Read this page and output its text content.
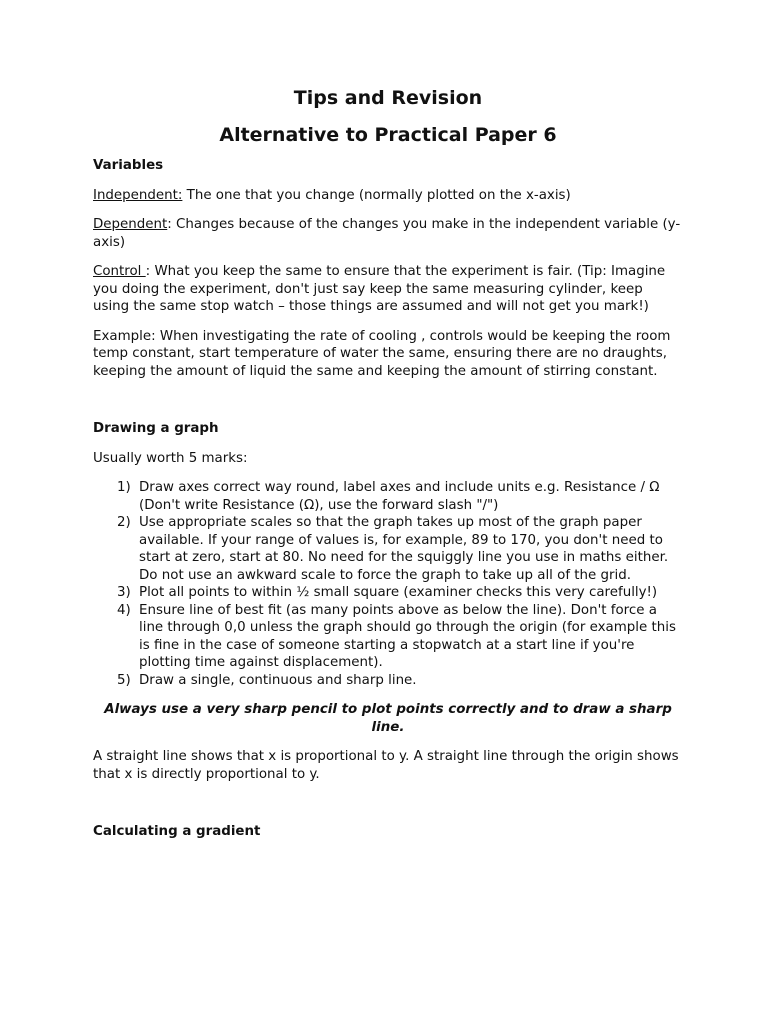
Tips and Revision
Alternative to Practical Paper 6
Variables

Independent: The one that you change (normally plotted on the x-axis)

Dependent: Changes because of the changes you make in the independent variable (y- axis)

Control : What you keep the same to ensure that the experiment is fair. (Tip: Imagine you doing the experiment, don't just say keep the same measuring cylinder, keep using the same stop watch – those things are assumed and will not get you mark!)

Example: When investigating the rate of cooling , controls would be keeping the room temp constant, start temperature of water the same, ensuring there are no draughts, keeping the amount of liquid the same and keeping the amount of stirring constant.

Drawing a graph

Usually worth 5 marks:

1) Draw axes correct way round, label axes and include units e.g. Resistance / Ω (Don't write Resistance (Ω), use the forward slash "/")
2) Use appropriate scales so that the graph takes up most of the graph paper available. If your range of values is, for example, 89 to 170, you don't need to start at zero, start at 80. No need for the squiggly line you use in maths either. Do not use an awkward scale to force the graph to take up all of the grid.
3) Plot all points to within ½ small square (examiner checks this very carefully!)
4) Ensure line of best fit (as many points above as below the line). Don't force a line through 0,0 unless the graph should go through the origin (for example this is fine in the case of someone starting a stopwatch at a start line if you're plotting time against displacement).
5) Draw a single, continuous and sharp line.

Always use a very sharp pencil to plot points correctly and to draw a sharp line.

A straight line shows that x is proportional to y. A straight line through the origin shows that x is directly proportional to y.

Calculating a gradient
